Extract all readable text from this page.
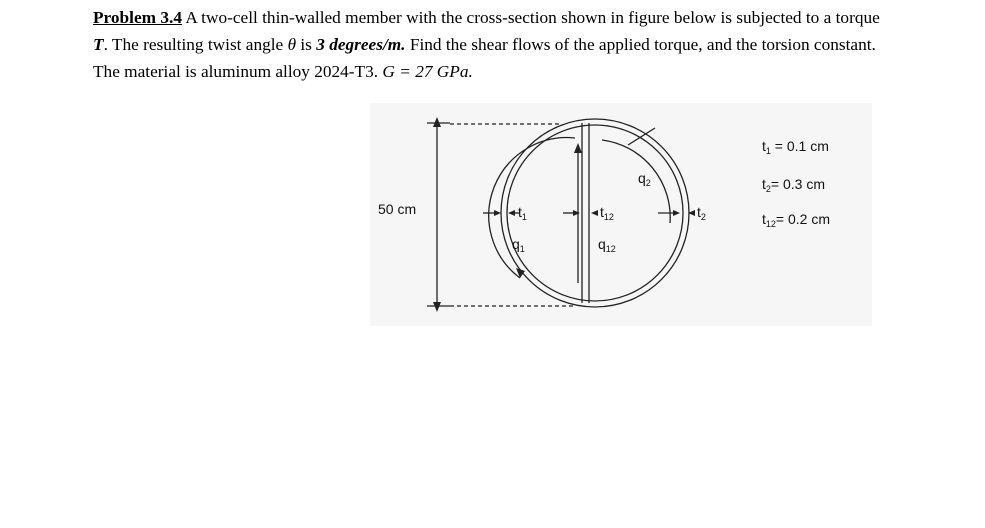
Problem 3.4 A two-cell thin-walled member with the cross-section shown in figure below is subjected to a torque T. The resulting twist angle θ is 3 degrees/m. Find the shear flows of the applied torque, and the torsion constant. The material is aluminum alloy 2024-T3. G = 27 GPa.
50 cm
$q_1$	$q_{12}$
$q_2$
$t_1$	$t_{12}$	$t_2$
$t_1 = 0.1$ cm
$t_2= 0.3$ cm
$t_{12}= 0.2$ cm
